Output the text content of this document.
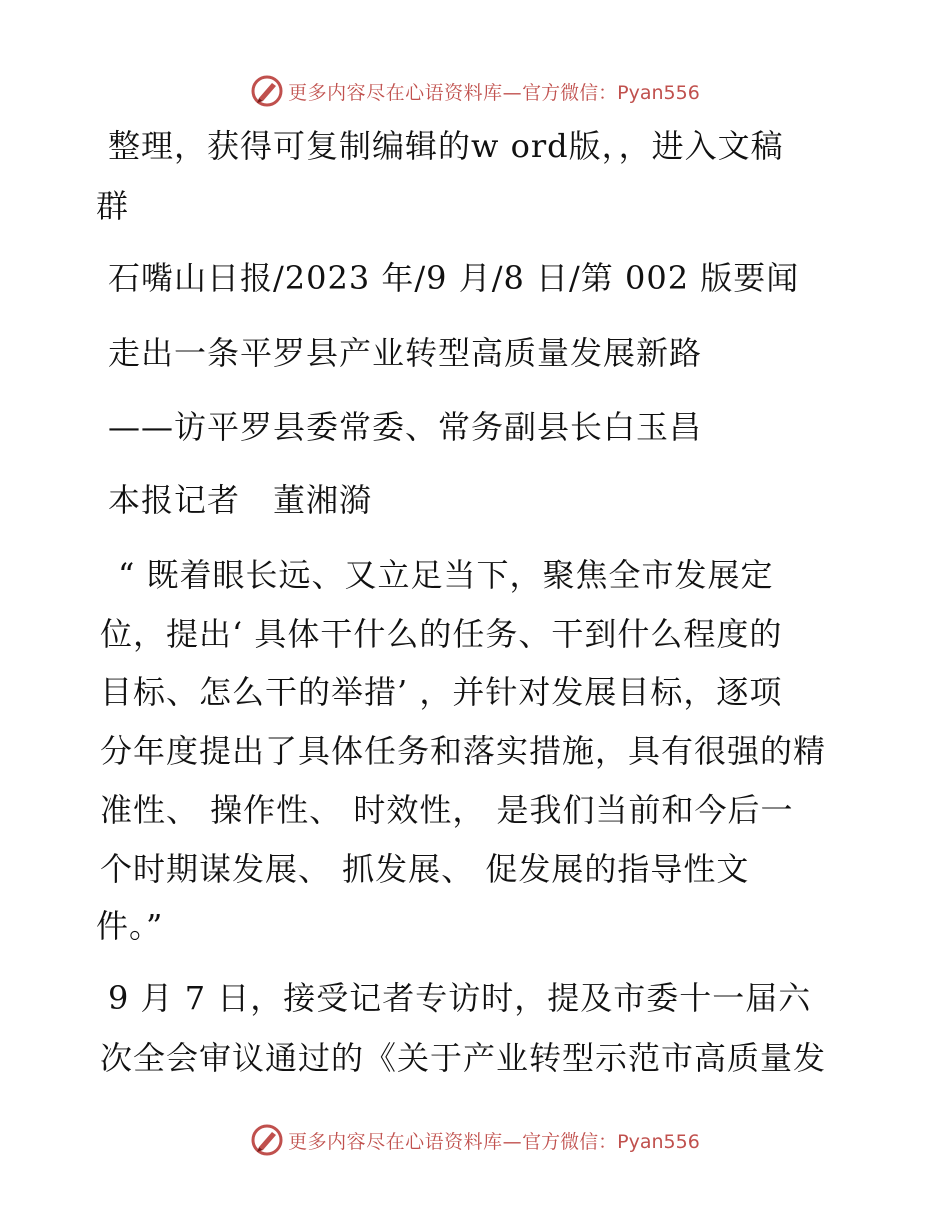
更多内容尽在心语资料库— 官方微信：Pyan556
整理，获得可复制编辑的w ord版，，进入文稿
群
石嘴山日报/2023 年/9 月/8 日/第 002 版要闻
走出一条平罗县产业转型高质量发展新路
——访平罗县委常委、常务副县长白玉昌
本报记者　董湘漪
“ 既着眼长远、又立足当下，聚焦全市发展定
位，提出‘ 具体干什么的任务、干到什么程度的
目标、怎么干的举措’ ，并针对发展目标，逐项
分年度提出了具体任务和落实措施，具有很强的精
准性、 操作性、 时效性， 是我们当前和今后一
个时期谋发展、 抓发展、 促发展的指导性文
件。”
9 月 7 日，接受记者专访时，提及市委十一届六
次全会审议通过的《关于产业转型示范市高质量发
更多内容尽在心语资料库— 官方微信：Pyan556
